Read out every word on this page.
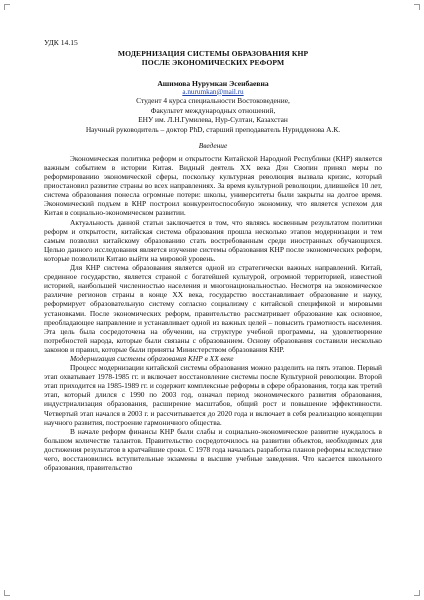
УДК 14.15
МОДЕРНИЗАЦИЯ СИСТЕМЫ ОБРАЗОВАНИЯ КНР
ПОСЛЕ ЭКОНОМИЧЕСКИХ РЕФОРМ
Ашимова Нурумкан Эсенбаевна
a.nurumkan@mail.ru
Студент 4 курса специальности Востоковедение,
Факультет международных отношений,
ЕНУ им. Л.Н.Гумилева, Нур-Султан, Казахстан
Научный руководитель – доктор PhD, старший преподаватель Нуридденова А.К.
Введение

Экономическая политика реформ и открытости Китайской Народной Республики (КНР) является важным событием в истории Китая. Видный деятель XX века Дэн Сяопин принял меры по реформированию экономической сферы, поскольку культурная революция вызвала кризис, который приостановил развитие страны во всех направлениях. За время культурной революции, длившейся 10 лет, система образования понесла огромные потери: школы, университеты были закрыты на долгое время. Экономический подъем в КНР построил конкурентоспособную экономику, что является успехом для Китая в социально-экономическом развитии.

Актуальность данной статьи заключается в том, что являясь косвенным результатом политики реформ и открытости, китайская система образования прошла несколько этапов модернизации и тем самым позволил китайскому образованию стать востребованным среди иностранных обучающихся. Целью данного исследования является изучение системы образования КНР после экономических реформ, которые позволили Китаю выйти на мировой уровень.

Для КНР система образования является одной из стратегически важных направлений. Китай, срединное государство, является страной с богатейшей культурой, огромной территорией, известной историей, наибольшей численностью населения и многонациональностью. Несмотря на экономическое различие регионов страны в конце XX века, государство восстанавливает образование и науку, реформирует образовательную систему согласно социализму с китайской спецификой и мировыми установками. После экономических реформ, правительство рассматривает образование как основное, преобладающее направление и устанавливает одной из важных целей – повысить грамотность населения. Эта цель была сосредоточена на обучении, на структуре учебной программы, на удовлетворение потребностей народа, которые были связаны с образованием. Основу образования составили несколько законов и правил, которые были приняты Министерством образования КНР.

Модернизация системы образования КНР в XX веке

Процесс модернизации китайской системы образования можно разделить на пять этапов. Первый этап охватывает 1978-1985 гг. и включает восстановление системы после Культурной революции. Второй этап приходится на 1985-1989 гг. и содержит комплексные реформы в сфере образования, тогда как третий этап, который длился с 1990 по 2003 год, означал период экономического развития образования, индустриализация образования, расширение масштабов, общий рост и повышение эффективности. Четвертый этап начался в 2003 г. и рассчитывается до 2020 года и включает в себя реализацию концепции научного развития, построение гармоничного общества.

В начале реформ финансы КНР были слабы и социально-экономическое развитие нуждалось в большом количестве талантов. Правительство сосредоточилось на развитии объектов, необходимых для достижения результатов в кратчайшие сроки. С 1978 года началась разработка планов реформы вследствие чего, восстановились вступительные экзамены в высшие учебные заведения. Что касается школьного образования, правительство
